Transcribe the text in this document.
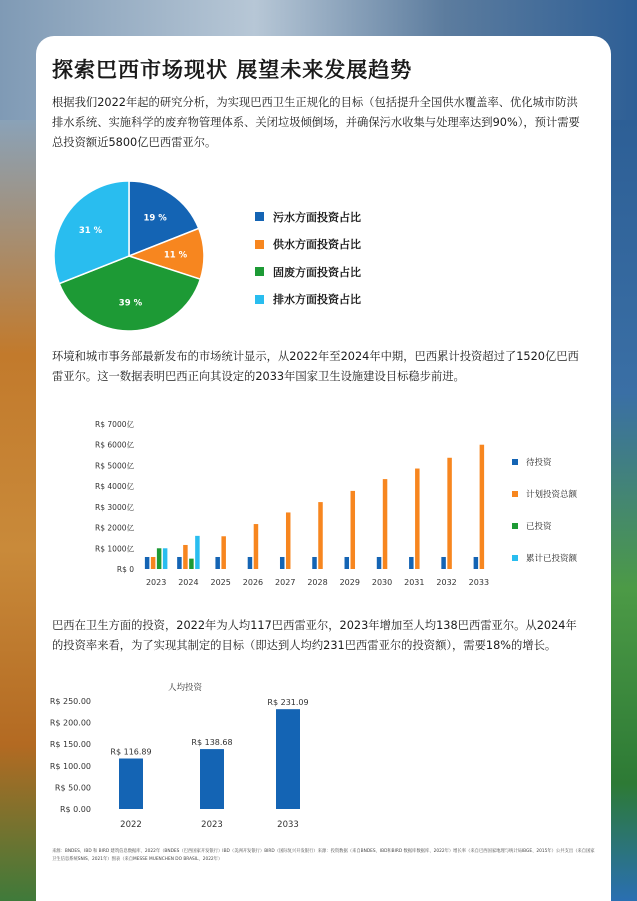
探索巴西市场现状 展望未来发展趋势

根据我们2022年起的研究分析，为实现巴西卫生正规化的目标（包括提升全国供水覆盖率、优化城市防洪排水系统、实施科学的废弃物管理体系、关闭垃圾倾倒场，并确保污水收集与处理率达到90%），预计需要总投资额近5800亿巴西雷亚尔。

19 %
11 %
39 %
31 %
污水方面投资占比
供水方面投资占比
固废方面投资占比
排水方面投资占比

环境和城市事务部最新发布的市场统计显示，从2022年至2024年中期，巴西累计投资超过了1520亿巴西雷亚尔。这一数据表明巴西正向其设定的2033年国家卫生设施建设目标稳步前进。

R$ 0
R$ 1000亿
R$ 2000亿
R$ 3000亿
R$ 4000亿
R$ 5000亿
R$ 6000亿
R$ 7000亿
2023 2024 2025 2026 2027 2028 2029 2030 2031 2032 2033
待投资
计划投资总额
已投资
累计已投资额

巴西在卫生方面的投资，2022年为人均117巴西雷亚尔，2023年增加至人均138巴西雷亚尔。从2024年的投资率来看，为了实现其制定的目标（即达到人均约231巴西雷亚尔的投资额），需要18%的增长。

R$ 0.00
R$ 50.00
R$ 100.00
R$ 150.00
R$ 200.00
R$ 250.00
人均投资
R$ 116.89
2022
R$ 138.68
2023
R$ 231.09
2033

来源：BNDES、IBD 和 BIRD 建筑信息数据库、2022年（BNDES（巴西国家开发银行）IBD（美洲开发银行）BIRD（国际复兴开发银行）来源：投资数据（来自BNDES、IBD和BIRD 数据库数据库、2022年）增长率（来自巴西国家地理与统计局IBGE、2015年）公共支出（来自国家卫生信息系统SNIS、2021年）图表（来自MESSE MUENCHEN DO BRASIL、2022年）
